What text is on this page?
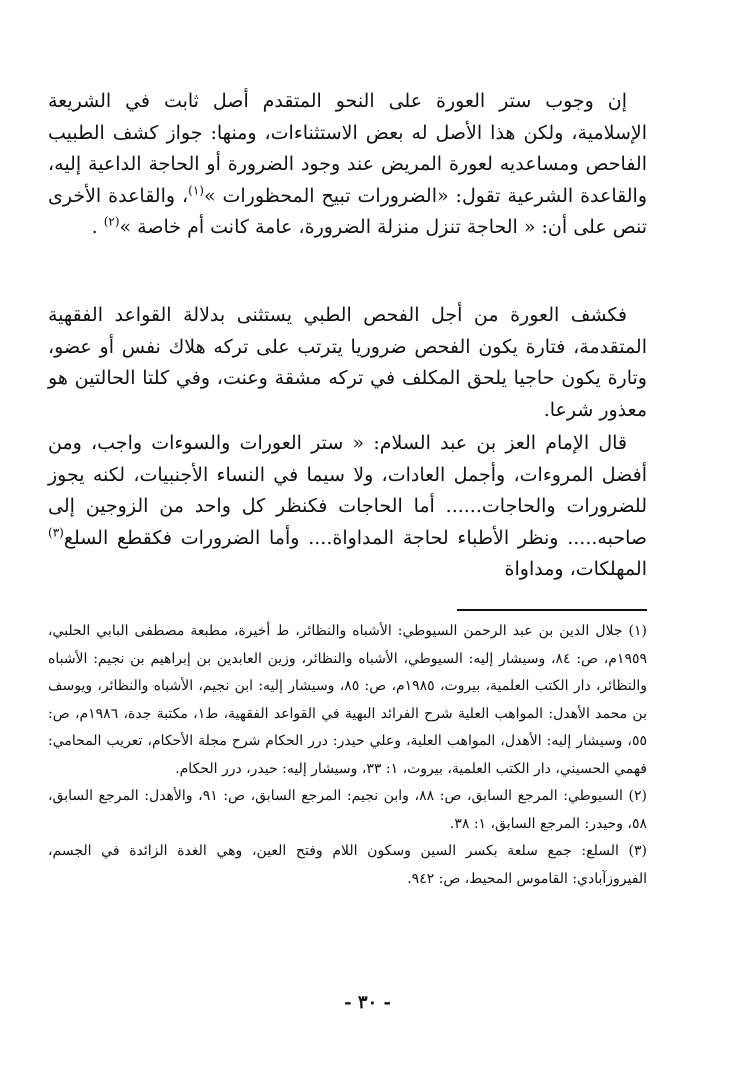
إن وجوب ستر العورة على النحو المتقدم أصل ثابت في الشريعة الإسلامية، ولكن هذا الأصل له بعض الاستثناءات، ومنها: جواز كشف الطبيب الفاحص ومساعديه لعورة المريض عند وجود الضرورة أو الحاجة الداعية إليه، والقاعدة الشرعية تقول: «الضرورات تبيح المحظورات »$^{(١)}$، والقاعدة الأخرى تنص على أن: « الحاجة تنزل منزلة الضرورة، عامة كانت أم خاصة »$^{(٢)}$ .

فكشف العورة من أجل الفحص الطبي يستثنى بدلالة القواعد الفقهية المتقدمة، فتارة يكون الفحص ضروريا يترتب على تركه هلاك نفس أو عضو، وتارة يكون حاجيا يلحق المكلف في تركه مشقة وعنت، وفي كلتا الحالتين هو معذور شرعا.

قال الإمام العز بن عبد السلام: « ستر العورات والسوءات واجب، ومن أفضل المروءات، وأجمل العادات، ولا سيما في النساء الأجنبيات، لكنه يجوز للضرورات والحاجات...... أما الحاجات فكنظر كل واحد من الزوجين إلى صاحبه..... ونظر الأطباء لحاجة المداواة.... وأما الضرورات فكقطع السلع$^{(٣)}$ المهلكات، ومداواة

(١) جلال الدين بن عبد الرحمن السيوطي: الأشباه والنظائر، ط أخيرة، مطبعة مصطفى البابي الحلبي، ١٩٥٩م، ص: ٨٤، وسيشار إليه: السيوطي، الأشباه والنظائر، وزين العابدين بن إبراهيم بن نجيم: الأشباه والنظائر، دار الكتب العلمية، بيروت، ١٩٨٥م، ص: ٨٥، وسيشار إليه: ابن نجيم، الأشباه والنظائر، ويوسف بن محمد الأهدل: المواهب العلية شرح الفرائد البهية في القواعد الفقهية، ط١، مكتبة جدة، ١٩٨٦م، ص: ٥٥، وسيشار إليه: الأهدل، المواهب العلية، وعلي حيدر: درر الحكام شرح مجلة الأحكام، تعريب المحامي: فهمي الحسيني، دار الكتب العلمية، بيروت، ١: ٣٣، وسيشار إليه: حيدر، درر الحكام.

(٢) السيوطي: المرجع السابق، ص: ٨٨، وابن نجيم: المرجع السابق، ص: ٩١، والأهدل: المرجع السابق، ٥٨، وحيدر: المرجع السابق، ١: ٣٨.

(٣) السلع: جمع سلعة بكسر السين وسكون اللام وفتح العين، وهي الغدة الزائدة في الجسم، الفيروزآبادي: القاموس المحيط، ص: ٩٤٢.

- ٣٠ -
